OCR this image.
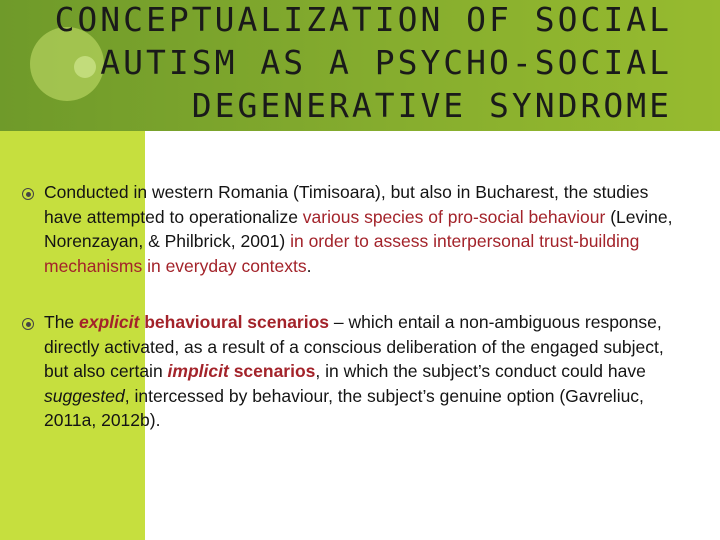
CONCEPTUALIZATION OF SOCIAL
AUTISM AS A PSYCHO-SOCIAL
DEGENERATIVE SYNDROME

Conducted in western Romania (Timisoara), but also in Bucharest, the studies have attempted to operationalize various species of pro-social behaviour (Levine, Norenzayan, & Philbrick, 2001) in order to assess interpersonal trust-building mechanisms in everyday contexts.

The explicit behavioural scenarios – which entail a non-ambiguous response, directly activated, as a result of a conscious deliberation of the engaged subject, but also certain implicit scenarios, in which the subject’s conduct could have suggested, intercessed by behaviour, the subject’s genuine option (Gavreliuc, 2011a, 2012b).
